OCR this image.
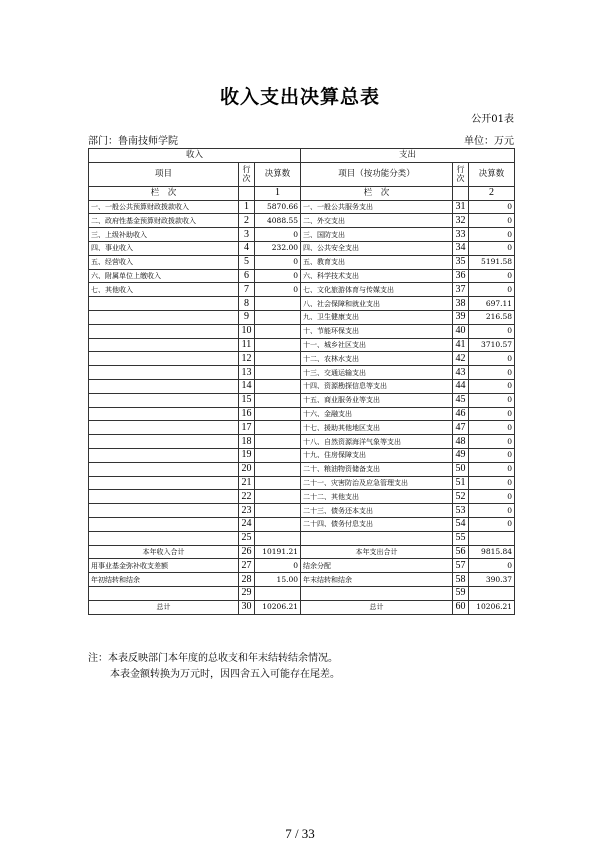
收入支出决算总表
公开01表
部门：鲁南技师学院	单位：万元
收入			支出		
项目	行次	决算数	项目（按功能分类）	行次	决算数
栏　次		1	栏　次		2
一、一般公共预算财政拨款收入	1	5870.66	一、一般公共服务支出	31	0
二、政府性基金预算财政拨款收入	2	4088.55	二、外交支出	32	0
三、上级补助收入	3	0	三、国防支出	33	0
四、事业收入	4	232.00	四、公共安全支出	34	0
五、经营收入	5	0	五、教育支出	35	5191.58
六、附属单位上缴收入	6	0	六、科学技术支出	36	0
七、其他收入	7	0	七、文化旅游体育与传媒支出	37	0
	8		八、社会保障和就业支出	38	697.11
	9		九、卫生健康支出	39	216.58
	10		十、节能环保支出	40	0
	11		十一、城乡社区支出	41	3710.57
	12		十二、农林水支出	42	0
	13		十三、交通运输支出	43	0
	14		十四、资源勘探信息等支出	44	0
	15		十五、商业服务业等支出	45	0
	16		十六、金融支出	46	0
	17		十七、援助其他地区支出	47	0
	18		十八、自然资源海洋气象等支出	48	0
	19		十九、住房保障支出	49	0
	20		二十、粮油物资储备支出	50	0
	21		二十一、灾害防治及应急管理支出	51	0
	22		二十二、其他支出	52	0
	23		二十三、债务还本支出	53	0
	24		二十四、债务付息支出	54	0
	25			55	
本年收入合计	26	10191.21	本年支出合计	56	9815.84
用事业基金弥补收支差额	27	0	结余分配	57	0
年初结转和结余	28	15.00	年末结转和结余	58	390.37
	29			59	
总计	30	10206.21	总计	60	10206.21
注：本表反映部门本年度的总收支和年末结转结余情况。
本表金额转换为万元时，因四舍五入可能存在尾差。
7 / 33
